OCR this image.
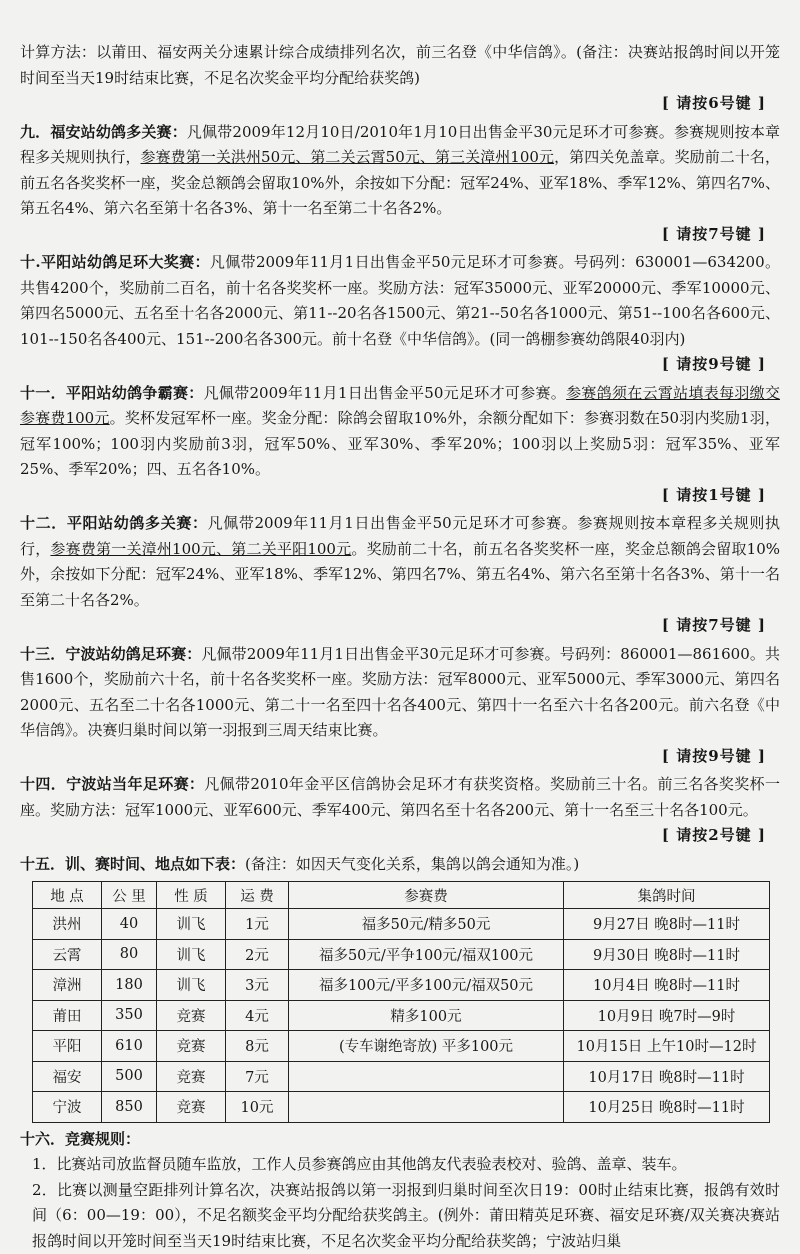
计算方法：以莆田、福安两关分速累计综合成绩排列名次，前三名登《中华信鸽》。(备注：决赛站报鸽时间以开笼时间至当天19时结束比赛，不足名次奖金平均分配给获奖鸽)

[ 请按6号键 ]

九．福安站幼鸽多关赛：凡佩带2009年12月10日/2010年1月10日出售金平30元足环才可参赛。参赛规则按本章程多关规则执行，参赛费第一关洪州50元、第二关云霄50元、第三关漳州100元，第四关免盖章。奖励前二十名，前五名各奖奖杯一座，奖金总额鸽会留取10%外，余按如下分配：冠军24%、亚军18%、季军12%、第四名7%、第五名4%、第六名至第十名各3%、第十一名至第二十名各2%。

[ 请按7号键 ]

十.平阳站幼鸽足环大奖赛：凡佩带2009年11月1日出售金平50元足环才可参赛。号码列：630001—634200。共售4200个，奖励前二百名，前十名各奖奖杯一座。奖励方法：冠军35000元、亚军20000元、季军10000元、第四名5000元、五名至十名各2000元、第11--20名各1500元、第21--50名各1000元、第51--100名各600元、101--150名各400元、151--200名各300元。前十名登《中华信鸽》。(同一鸽棚参赛幼鸽限40羽内)

[ 请按9号键 ]

十一．平阳站幼鸽争霸赛：凡佩带2009年11月1日出售金平50元足环才可参赛。参赛鸽须在云霄站填表每羽缴交参赛费100元。奖杯发冠军杯一座。奖金分配：除鸽会留取10%外，余额分配如下：参赛羽数在50羽内奖励1羽，冠军100%；100羽内奖励前3羽，冠军50%、亚军30%、季军20%；100羽以上奖励5羽：冠军35%、亚军25%、季军20%；四、五名各10%。

[ 请按1号键 ]

十二．平阳站幼鸽多关赛：凡佩带2009年11月1日出售金平50元足环才可参赛。参赛规则按本章程多关规则执行，参赛费第一关漳州100元、第二关平阳100元。奖励前二十名，前五名各奖奖杯一座，奖金总额鸽会留取10%外，余按如下分配：冠军24%、亚军18%、季军12%、第四名7%、第五名4%、第六名至第十名各3%、第十一名至第二十名各2%。

[ 请按7号键 ]

十三．宁波站幼鸽足环赛：凡佩带2009年11月1日出售金平30元足环才可参赛。号码列：860001—861600。共售1600个，奖励前六十名，前十名各奖奖杯一座。奖励方法：冠军8000元、亚军5000元、季军3000元、第四名2000元、五名至二十名各1000元、第二十一名至四十名各400元、第四十一名至六十名各200元。前六名登《中华信鸽》。决赛归巢时间以第一羽报到三周天结束比赛。

[ 请按9号键 ]

十四．宁波站当年足环赛：凡佩带2010年金平区信鸽协会足环才有获奖资格。奖励前三十名。前三名各奖奖杯一座。奖励方法：冠军1000元、亚军600元、季军400元、第四名至十名各200元、第十一名至三十名各100元。

[ 请按2号键 ]

十五．训、赛时间、地点如下表：(备注：如因天气变化关系，集鸽以鸽会通知为准。)

地 点	公 里	性 质	运 费	参赛费	集鸽时间
洪州	40	训飞	1元	福多50元/精多50元	9月27日 晚8时—11时
云霄	80	训飞	2元	福多50元/平争100元/福双100元	9月30日 晚8时—11时
漳洲	180	训飞	3元	福多100元/平多100元/福双50元	10月4日 晚8时—11时
莆田	350	竞赛	4元	精多100元	10月9日 晚7时—9时
平阳	610	竞赛	8元	(专车谢绝寄放) 平多100元	10月15日 上午10时—12时
福安	500	竞赛	7元		10月17日 晚8时—11时
宁波	850	竞赛	10元		10月25日 晚8时—11时

十六．竞赛规则：

1．比赛站司放监督员随车监放，工作人员参赛鸽应由其他鸽友代表验表校对、验鸽、盖章、装车。

2．比赛以测量空距排列计算名次，决赛站报鸽以第一羽报到归巢时间至次日19：00时止结束比赛，报鸽有效时间（6：00—19：00），不足名额奖金平均分配给获奖鸽主。(例外：莆田精英足环赛、福安足环赛/双关赛决赛站报鸽时间以开笼时间至当天19时结束比赛，不足名次奖金平均分配给获奖鸽；宁波站归巢
